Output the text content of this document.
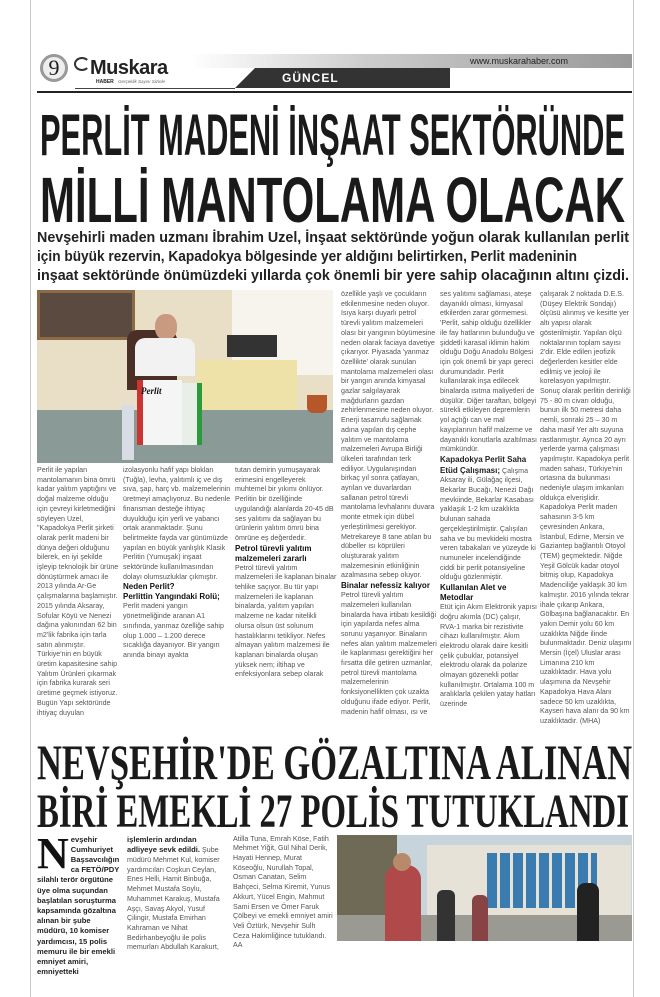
9	Muskara
HABER Gerçeklik Sayısı Sizinle	GÜNCEL
www.muskarahaber.com
20 Ağustos 2016 Cumartesi
PERLİT MADENİ İNŞAAT SEKTÖRÜNDE
MİLLİ MANTOLAMA OLACAK
Nevşehirli maden uzmanı İbrahim Uzel, İnşaat sektöründe yoğun olarak kullanılan perlit
için büyük rezervin, Kapadokya bölgesinde yer aldığını belirtirken, Perlit madeninin
inşaat sektöründe önümüzdeki yıllarda çok önemli bir yere sahip olacağının altını çizdi.
Perlit

Perlit ile yapılan mantolamanın bina ömrü kadar yalıtım yaptığını ve doğal malzeme olduğu için çevreyi kirletmediğini söyleyen Uzel, "Kapadokya Perlit şirketi olarak perlit madeni bir dünya değeri olduğunu bilerek, en iyi şekilde işleyip teknolojik bir ürüne dönüştürmek amacı ile 2013 yılında Ar-Ge çalışmalarına başlamıştır. 2015 yılında Aksaray, Sofular Köyü ve Nenezi dağına yakınından 62 bin m2'lik fabrika için tarla satın alınmıştır. Türkiye'nin en büyük üretim kapasitesine sahip Yalıtım Ürünleri çıkarmak için fabrika kurarak seri üretime geçmek istiyoruz. Bugün Yapı sektöründe ihtiyaç duyulan

izolasyonlu hafif yapı blokları (Tuğla), levha, yalıtımlı iç ve dış sıva, şap, harç vb. malzemelerinin üretmeyi amaçlıyoruz. Bu nedenle finansman desteğe ihtiyaç duyulduğu için yerli ve yabancı ortak aranmaktadır. Şunu belirtmekte fayda var günümüzde yapılan en büyük yanlışlık Klasik Perlitin (Yumuşak) inşaat sektöründe kullanılmasından dolayı olumsuzluklar çıkmıştır.

Neden Perlit?
Perlittin Yangındaki Rolü;

Perlit madeni yangın yönetmeliğinde aranan A1 sınıfında, yanmaz özelliğe sahip olup 1.000 – 1.200 derece sıcaklığa dayanıyor. Bir yangın anında binayı ayakta

tutan demirin yumuşayarak erimesini engelleyerek muhtemel bir yıkımı önlüyor. Perlitin bir özelliğinde uygulandığı alanlarda 20-45 dB ses yalıtımı da sağlayan bu ürünlerin yalıtım ömrü bina ömrüne eş değerdedir.

Petrol türevli yalıtım malzemeleri zararlı

Petrol türevli yalıtım malzemeleri ile kaplanan binalar tehlike saçıyor. Bu tür yapı malzemeleri ile kaplanan binalarda, yalıtım yapılan malzeme ne kadar nitelikli olursa olsun üst solunum hastalıklarını tetikliyor. Nefes almayan yalıtım malzemesi ile kaplanan binalarda oluşan yüksek nem; iltihap ve enfeksiyonlara sebep olarak

özellikle yaşlı ve çocukların etkilenmesine neden oluyor. Isıya karşı duyarlı petrol türevli yalıtım malzemeleri olası bir yangının büyümesine neden olarak faciaya davetiye çıkarıyor. Piyasada 'yanmaz özellikte' olarak sunulan mantolama malzemeleri olası bir yangın anında kimyasal gazlar salgılayarak mağdurların gazdan zehirlenmesine neden oluyor. Enerji tasarrufu sağlamak adına yapılan dış cephe yalıtım ve mantolama malzemeleri Avrupa Birliği ülkeleri tarafından terk ediliyor. Uygulanışından birkaç yıl sonra çatlayan, ayrılan ve duvarlardan sallanan petrol türevli mantolama levhalarını duvara monte etmek için dübel yerleştirilmesi gerekiyor. Metrekareye 8 tane atılan bu dübeller ısı köprüleri oluşturarak yalıtım malzemesinin etkinliğinin azalmasına sebep oluyor.

Binalar nefessiz kalıyor

Petrol türevli yalıtım malzemeleri kullanılan binalarda hava irtibatı kesildiği için yapılarda nefes alma sorunu yaşanıyor. Binaların nefes alan yalıtım malzemeleri ile kaplanması gerektiğini her fırsatta dile getiren uzmanlar, petrol türevli mantolama malzemelerinin fonksiyonellikten çok uzakta olduğunu ifade ediyor. Perlit, madenin hafif olması, ısı ve

ses yalıtımı sağlaması, ateşe dayanıklı olması, kimyasal etkilerden zarar görmemesi. 'Perlit, sahip olduğu özellikler ile fay hatlarının bulunduğu ve şiddetli karasal iklimin hakim olduğu Doğu Anadolu Bölgesi için çok önemli bir yapı gereci durumundadır. Perlit kullanılarak inşa edilecek binalarda ısıtma maliyetleri de düşülür. Diğer taraftan, bölgeyi sürekli etkileyen depremlerin yol açtığı can ve mal kayıplarının hafif malzeme ve dayanıklı konutlarla azaltılması mümkündür.

Kapadokya Perlit Saha Etüd Çalışması; Çalışma Aksaray ili, Gülağaç ilçesi, Bekarlar Bucağı, Nenezi Dağı mevkiinde, Bekarlar Kasabası yaklaşık 1-2 km uzaklıkta bulunan sahada gerçekleştirilmiştir. Çalışılan saha ve bu mevkideki mostra veren tabakaları ve yüzeyde ki numuneler incelendiğinde ciddi bir perlit potansiyeline olduğu gözlenmiştir.

Kullanılan Alet ve Metodlar

Etüt için Akım Elektronik yapısı doğru akımla (DC) çalışır, RVA-1 marka bir rezistivite cihazı kullanılmıştır. Akım elektrodu olarak daire kesitli çelik çubuklar, potansiyel elektrodu olarak da polarize olmayan gözenekli potlar kullanılmıştır. Ortalama 100 m aralıklarla çekilen yatay hatları üzerinde

çalışarak 2 noktada D.E.S. (Düşey Elektrik Sondajı) ölçüsü alınmış ve kesitte yer altı yapısı olarak gösterilmiştir. Yapılan ölçü noktalarının toplam sayısı 2'dir. Elde edilen jeofizik değerlerden kesitler elde edilmiş ve jeoloji ile korelasyon yapılmıştır. Sonuç olarak perlitin derinliği 75 - 80 m civarı olduğu, bunun ilk 50 metresi daha nemli, sonraki 25 – 30 m daha masif Yer altı suyuna rastlanmıştır. Ayrıca 20 ayrı yerlerde yarma çalışması yapılmıştır. Kapadokya perlit maden sahası, Türkiye'nin ortasına da bulunması nedeniyle ulaşım imkanları oldukça elverişlidir. Kapadokya Perlit maden sahasının 3-5 km çevresinden Ankara, İstanbul, Edirne, Mersin ve Gaziantep bağlantılı Otoyol (TEM) geçmektedir. Niğde Yeşil Gölcük kadar otoyol bitmiş olup, Kapadokya Madenciliğe yaklaşık 30 km kalmıştır. 2016 yılında tekrar ihale çıkarıp Ankara, Gölbaşına bağlanacaktır. En yakın Demir yolu 60 km uzaklıkta Niğde ilinde bulunmaktadır. Deniz ulaşımı Mersin (İçel) Uluslar arası Limanına 210 km uzaklıktadır. Hava yolu ulaşımına da Nevşehir Kapadokya Hava Alanı sadece 50 km uzaklıkta, Kayseri hava alanı da 90 km uzaklıktadır. (MHA)

NEVŞEHİR'DE GÖZALTINA ALINAN
BİRİ EMEKLİ 27 POLİS TUTUKLANDI
Nevşehir Cumhuriyet Başsavcılığınca FETÖ/PDY silahlı terör örgütüne üye olma suçundan başlatılan soruşturma kapsamında gözaltına alınan bir şube müdürü, 10 komiser yardımcısı, 15 polis memuru ile bir emekli emniyet amiri, emniyetteki

işlemlerin ardından adliyeye sevk edildi. Şube müdürü Mehmet Kul, komiser yardımcıları Coşkun Ceylan, Enes Helli, Hamit Binbuğa, Mehmet Mustafa Soylu, Muhammet Karakuş, Mustafa Aşçı, Savaş Akyol, Yusuf Çilingir, Mustafa Emirhan Kahraman ve Nihat Bedirhanbeyoğlu ile polis memurları Abdullah Karakurt,

Atilla Tuna, Emrah Köse, Fatih Mehmet Yiğit, Gül Nihal Derik, Hayati Hennep, Murat Köseoğlu, Nurullah Topal, Osman Canatan, Selim Bahçeci, Selma Kiremit, Yunus Akkurt, Yücel Engin, Mahmut Sami Ersen ve Ömer Faruk Çölbeyi ve emekli emniyet amiri Veli Öztürk, Nevşehir Sulh Ceza Hakimliğince tutuklandı. AA
